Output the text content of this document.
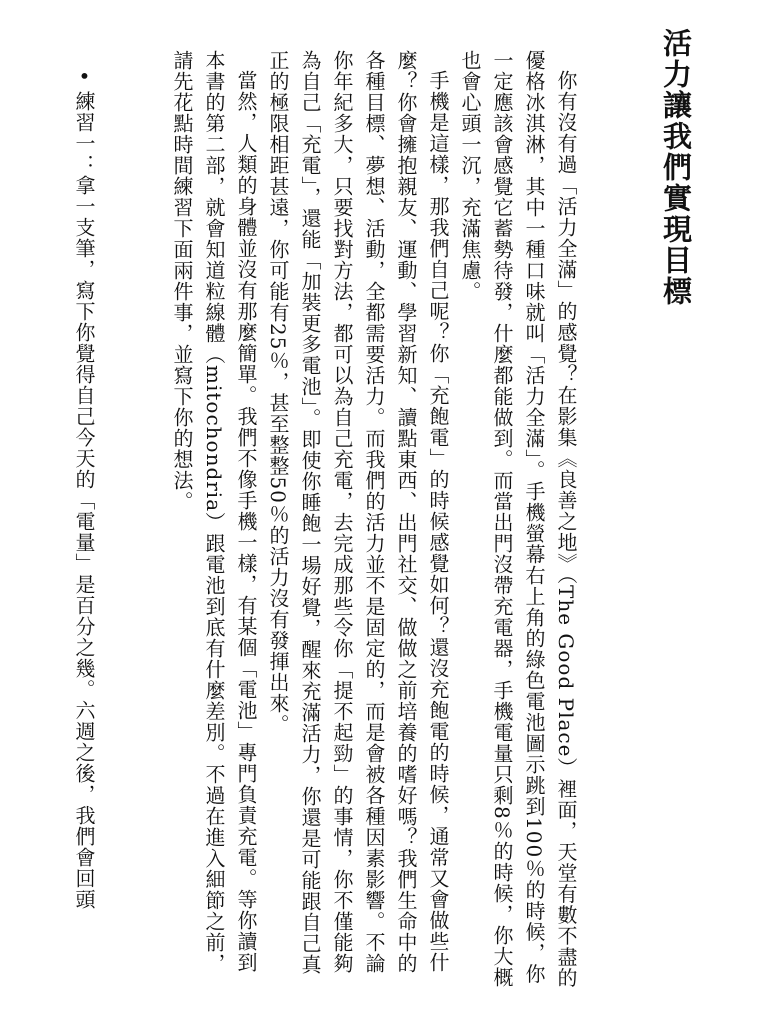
活力讓我們實現目標

你有沒有過「活力全滿」的感覺？在影集《良善之地》（The Good Place）裡面，天堂有數不盡的優格冰淇淋，其中一種口味就叫「活力全滿」。手機螢幕右上角的綠色電池圖示跳到100％的時候，你一定應該會感覺它蓄勢待發，什麼都能做到。而當出門沒帶充電器，手機電量只剩8％的時候，你大概也會心頭一沉，充滿焦慮。

手機是這樣，那我們自己呢？你「充飽電」的時候感覺如何？還沒充飽電的時候，通常又會做些什麼？你會擁抱親友、運動、學習新知、讀點東西、出門社交、做做之前培養的嗜好嗎？我們生命中的各種目標、夢想、活動，全都需要活力。而我們的活力並不是固定的，而是會被各種因素影響。不論你年紀多大，只要找對方法，都可以為自己充電，去完成那些令你「提不起勁」的事情，你不僅能夠為自己「充電」，還能「加裝更多電池」。即使你睡飽一場好覺，醒來充滿活力，你還是可能跟自己真正的極限相距甚遠，你可能有25％，甚至整整50％的活力沒有發揮出來。

當然，人類的身體並沒有那麼簡單。我們不像手機一樣，有某個「電池」專門負責充電。等你讀到本書的第二部，就會知道粒線體（mitochondria）跟電池到底有什麼差別。不過在進入細節之前，請先花點時間練習下面兩件事，並寫下你的想法。

•練習一：拿一支筆，寫下你覺得自己今天的「電量」是百分之幾。六週之後，我們會回頭
